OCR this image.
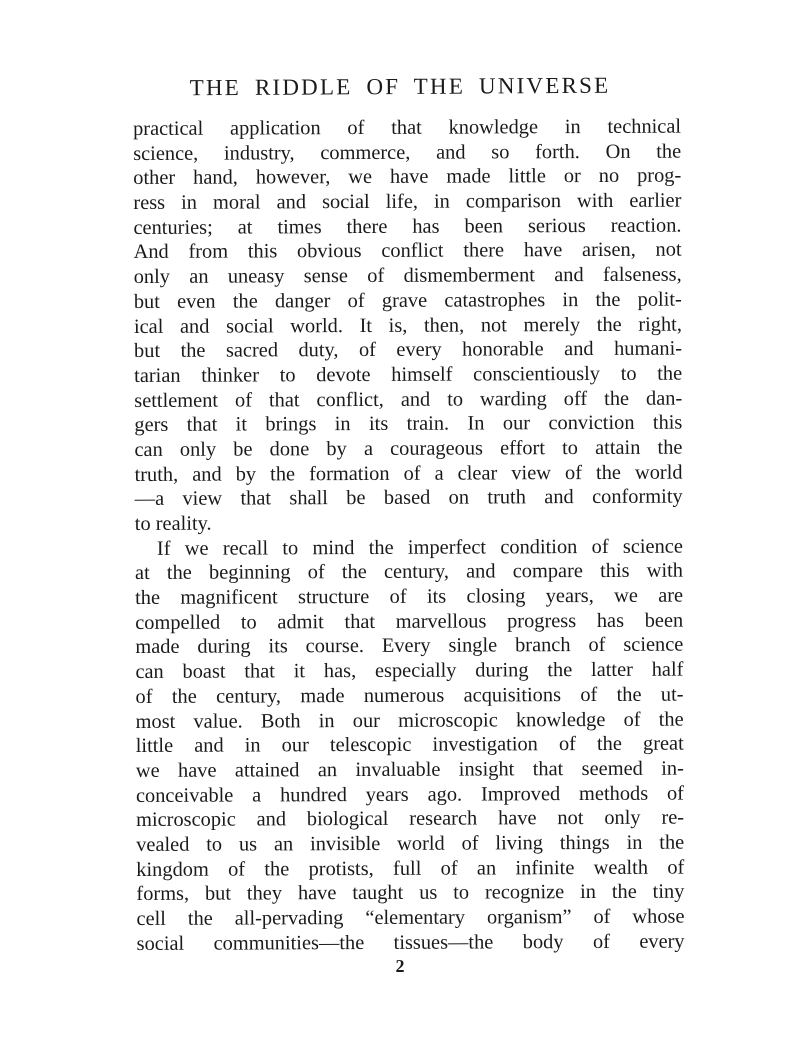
THE RIDDLE OF THE UNIVERSE
practical application of that knowledge in technical
science, industry, commerce, and so forth. On the
other hand, however, we have made little or no prog-
ress in moral and social life, in comparison with earlier
centuries; at times there has been serious reaction.
And from this obvious conflict there have arisen, not
only an uneasy sense of dismemberment and falseness,
but even the danger of grave catastrophes in the polit-
ical and social world. It is, then, not merely the right,
but the sacred duty, of every honorable and humani-
tarian thinker to devote himself conscientiously to the
settlement of that conflict, and to warding off the dan-
gers that it brings in its train. In our conviction this
can only be done by a courageous effort to attain the
truth, and by the formation of a clear view of the world
—a view that shall be based on truth and conformity
to reality.
If we recall to mind the imperfect condition of science
at the beginning of the century, and compare this with
the magnificent structure of its closing years, we are
compelled to admit that marvellous progress has been
made during its course. Every single branch of science
can boast that it has, especially during the latter half
of the century, made numerous acquisitions of the ut-
most value. Both in our microscopic knowledge of the
little and in our telescopic investigation of the great
we have attained an invaluable insight that seemed in-
conceivable a hundred years ago. Improved methods of
microscopic and biological research have not only re-
vealed to us an invisible world of living things in the
kingdom of the protists, full of an infinite wealth of
forms, but they have taught us to recognize in the tiny
cell the all-pervading “elementary organism” of whose
social communities—the tissues—the body of every
2
